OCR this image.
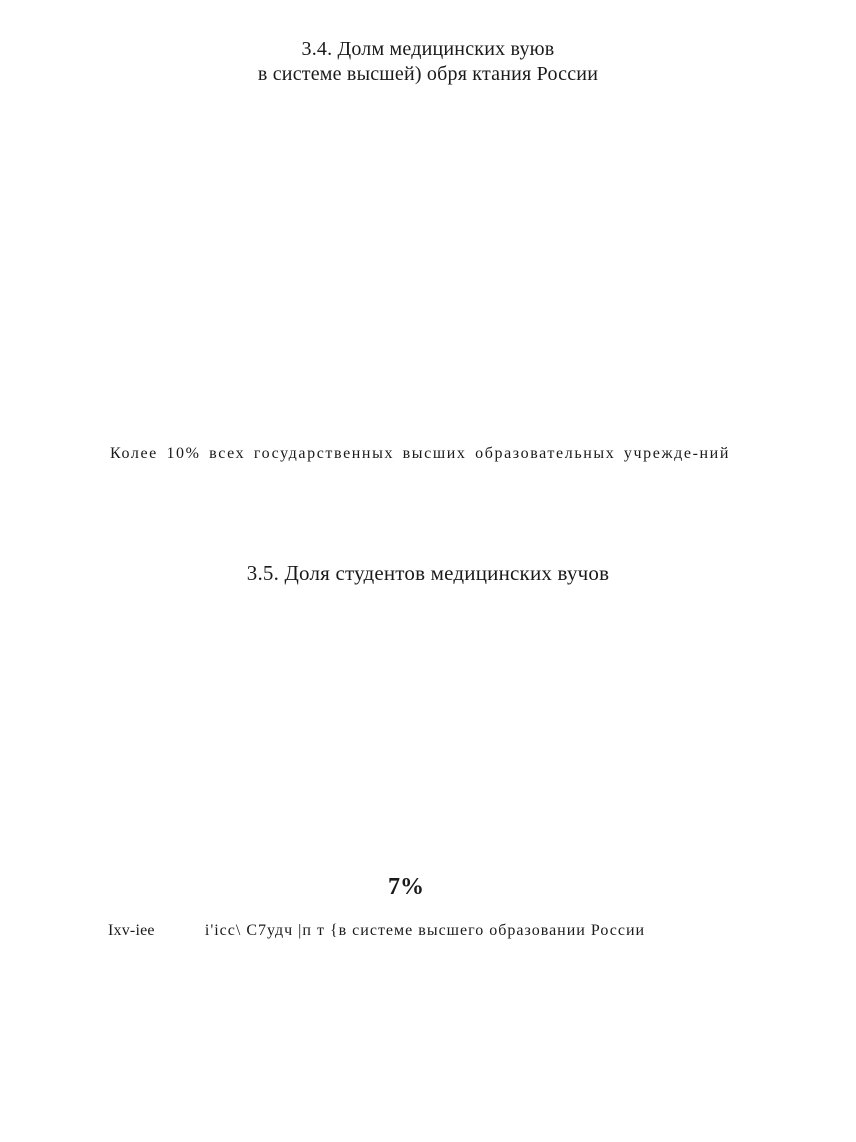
3.4. Долм медицинских вуюв
в системе высшей) обря ктания России
Колее 10% всех государственных высших образовательных учрежде-ний
3.5. Доля студентов медицинских вучов
7%
Ixv-iee	i'icc\ С7удч |п т {в системе высшего образовании России
